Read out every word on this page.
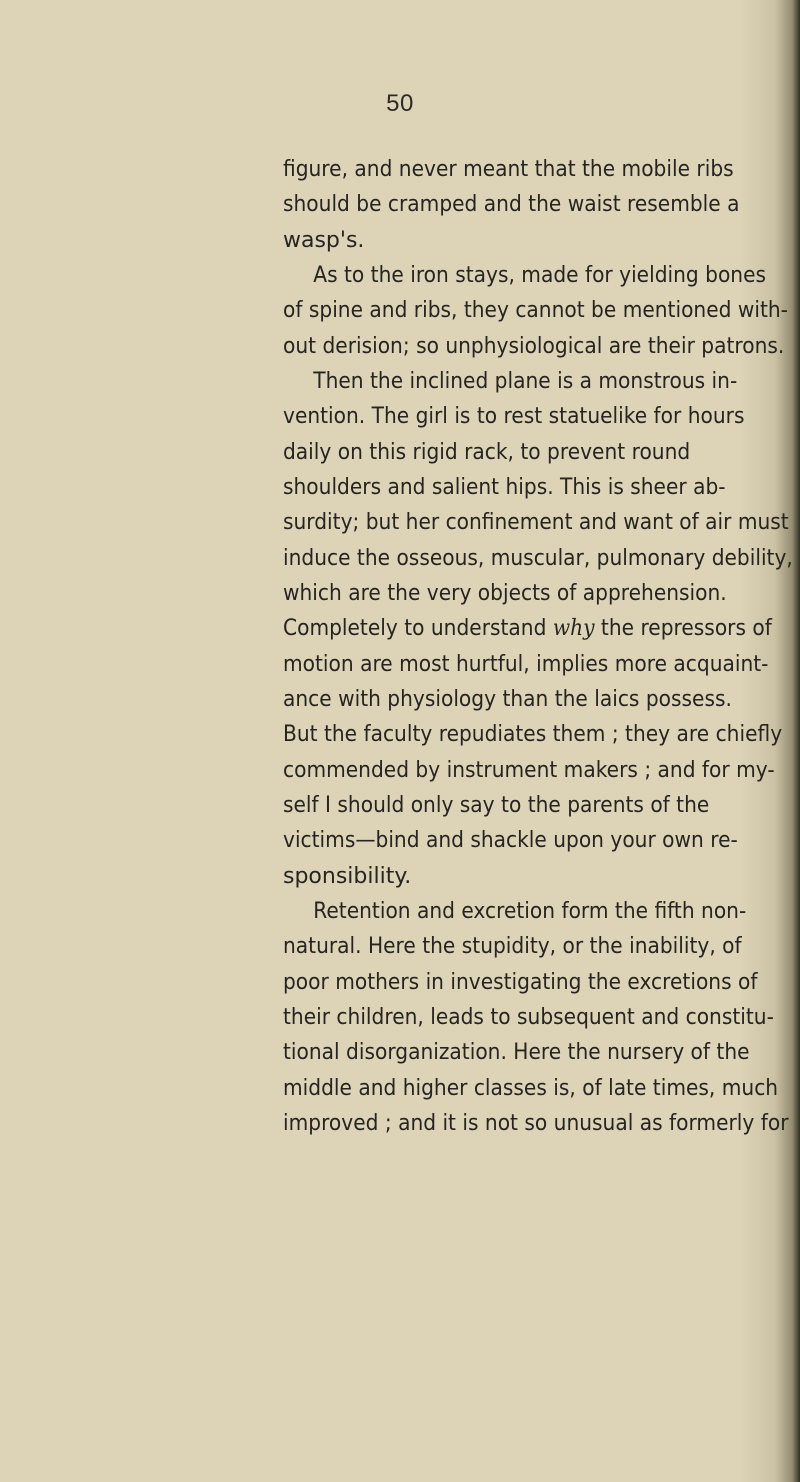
50
figure, and never meant that the mobile ribs
should be cramped and the waist resemble a
wasp's.
  As to the iron stays, made for yielding bones
of spine and ribs, they cannot be mentioned with-
out derision; so unphysiological are their patrons.
  Then the inclined plane is a monstrous in-
vention. The girl is to rest statuelike for hours
daily on this rigid rack, to prevent round
shoulders and salient hips. This is sheer ab-
surdity; but her confinement and want of air must
induce the osseous, muscular, pulmonary debility,
which are the very objects of apprehension.
Completely to understand why the repressors of
motion are most hurtful, implies more acquaint-
ance with physiology than the laics possess.
But the faculty repudiates them ; they are chiefly
commended by instrument makers ; and for my-
self I should only say to the parents of the
victims—bind and shackle upon your own re-
sponsibility.
  Retention and excretion form the fifth non-
natural. Here the stupidity, or the inability, of
poor mothers in investigating the excretions of
their children, leads to subsequent and constitu-
tional disorganization. Here the nursery of the
middle and higher classes is, of late times, much
improved ; and it is not so unusual as formerly for
